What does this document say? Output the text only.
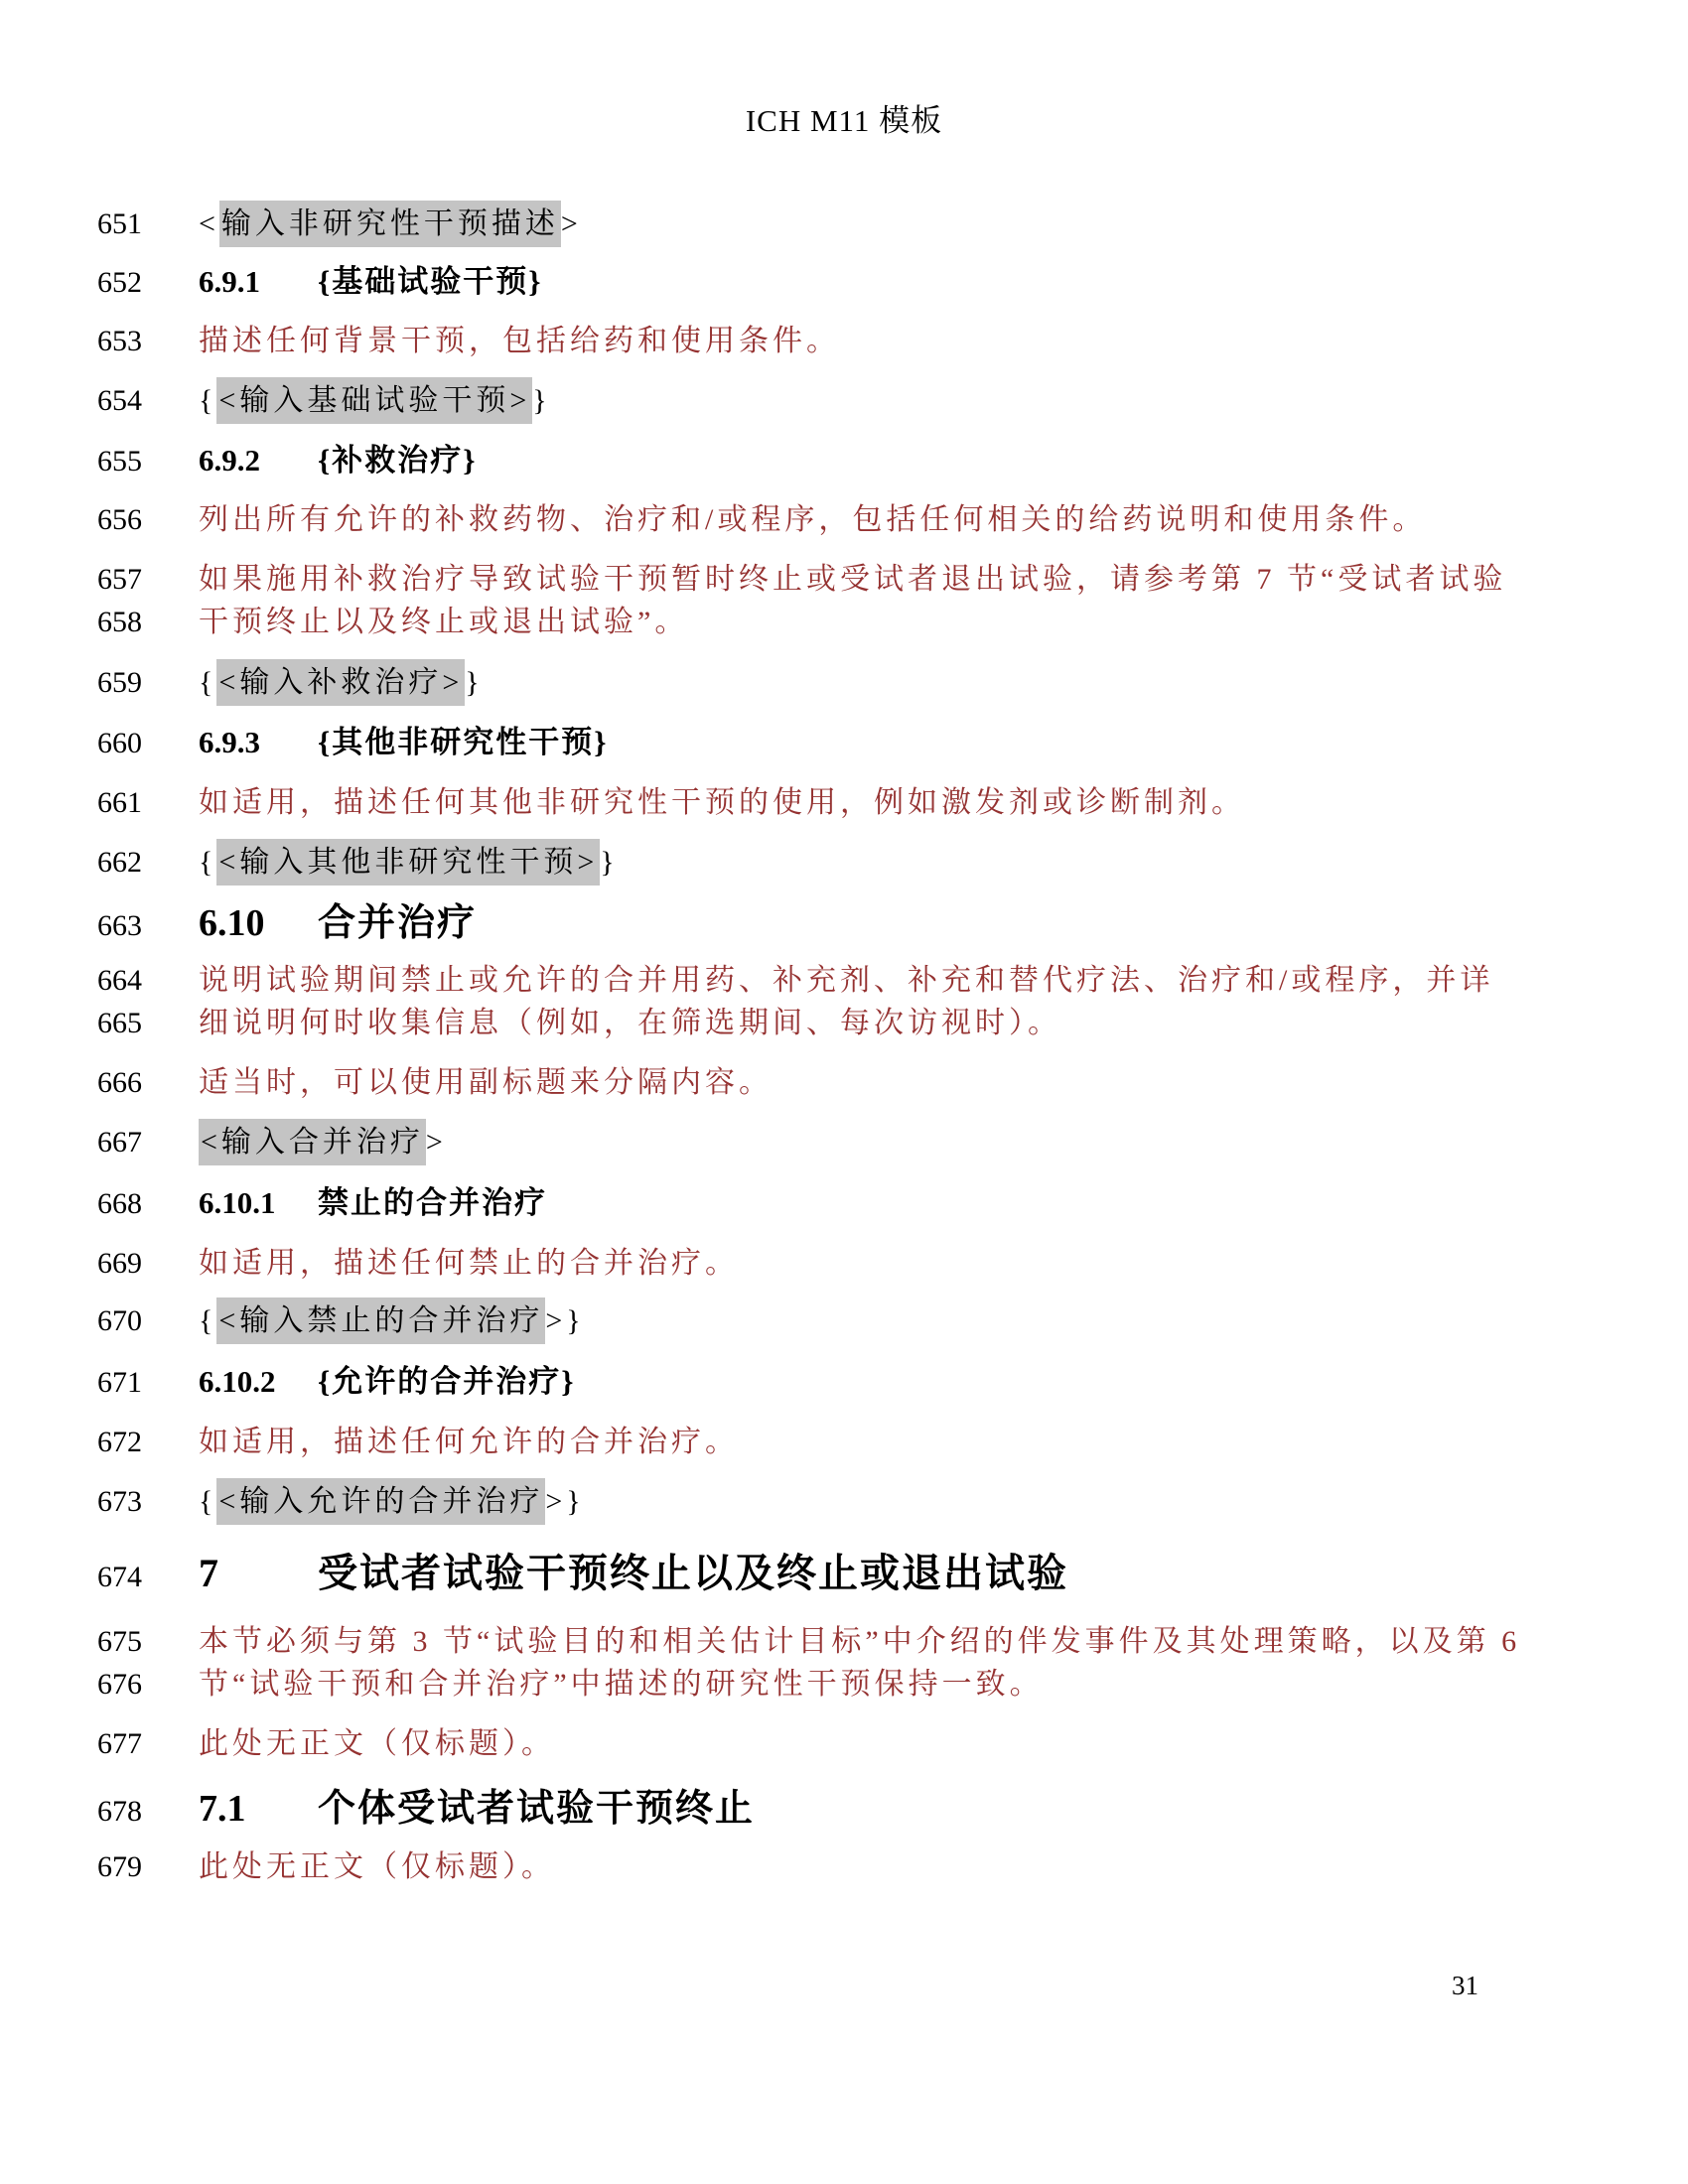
ICH M11 模板
651	<输入非研究性干预描述>
652	6.9.1	{基础试验干预}
653	描述任何背景干预，包括给药和使用条件。
654	{<输入基础试验干预>}
655	6.9.2	{补救治疗}
656	列出所有允许的补救药物、治疗和/或程序，包括任何相关的给药说明和使用条件。
657	如果施用补救治疗导致试验干预暂时终止或受试者退出试验，请参考第 7 节“受试者试验
658	干预终止以及终止或退出试验”。
659	{<输入补救治疗>}
660	6.9.3	{其他非研究性干预}
661	如适用，描述任何其他非研究性干预的使用，例如激发剂或诊断制剂。
662	{<输入其他非研究性干预>}
663	6.10	合并治疗
664	说明试验期间禁止或允许的合并用药、补充剂、补充和替代疗法、治疗和/或程序，并详
665	细说明何时收集信息（例如，在筛选期间、每次访视时）。
666	适当时，可以使用副标题来分隔内容。
667	<输入合并治疗>
668	6.10.1	禁止的合并治疗
669	如适用，描述任何禁止的合并治疗。
670	{<输入禁止的合并治疗>}
671	6.10.2	{允许的合并治疗}
672	如适用，描述任何允许的合并治疗。
673	{<输入允许的合并治疗>}
674	7	受试者试验干预终止以及终止或退出试验
675	本节必须与第 3 节“试验目的和相关估计目标”中介绍的伴发事件及其处理策略，以及第 6
676	节“试验干预和合并治疗”中描述的研究性干预保持一致。
677	此处无正文（仅标题）。
678	7.1	个体受试者试验干预终止
679	此处无正文（仅标题）。
31
